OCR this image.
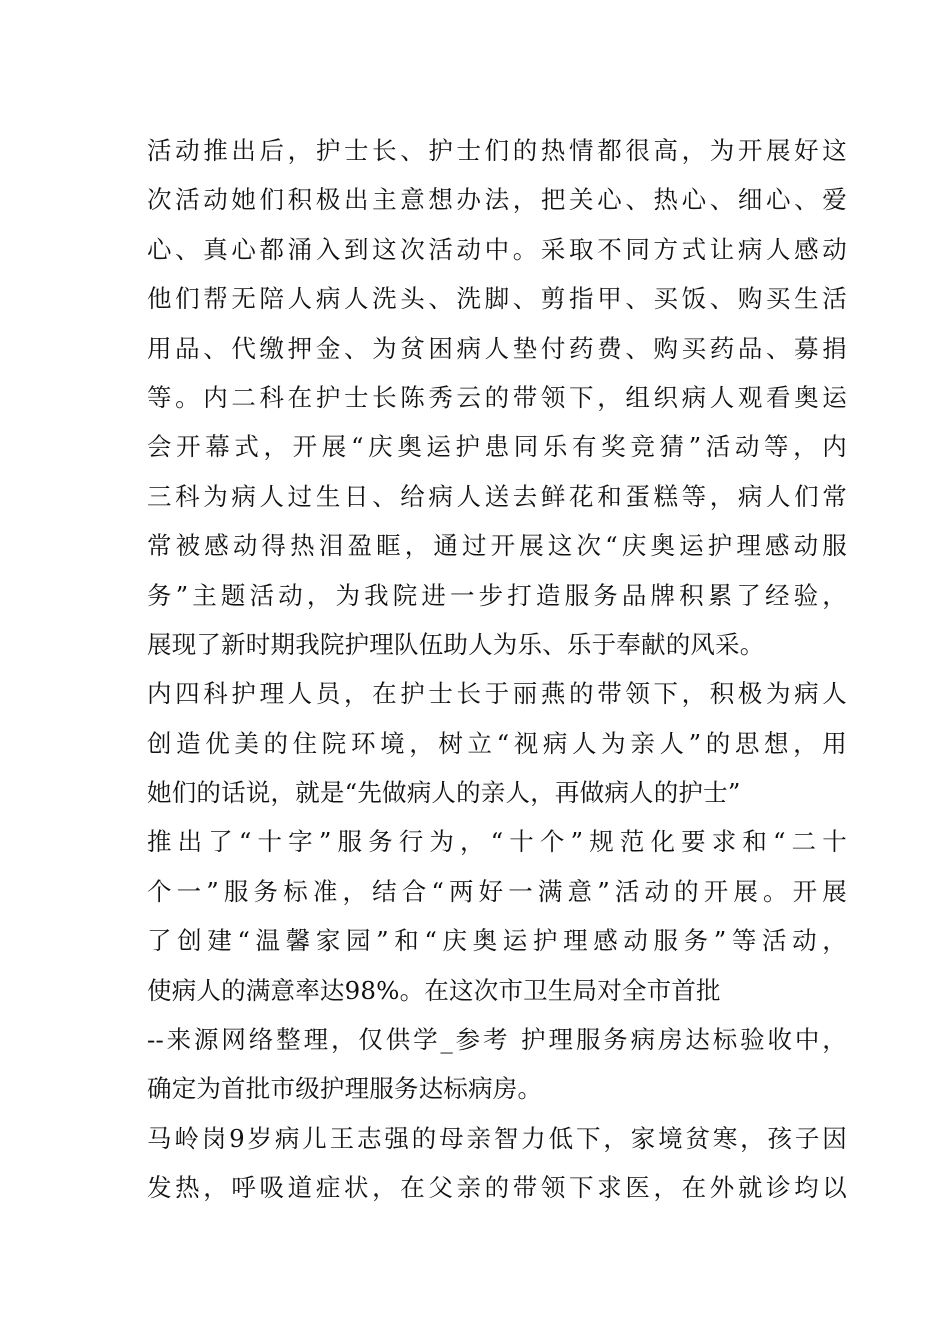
活动推出后，护士长、护士们的热情都很高，为开展好这
次活动她们积极出主意想办法，把关心、热心、细心、爱
心、真心都涌入到这次活动中。采取不同方式让病人感动
他们帮无陪人病人洗头、洗脚、剪指甲、买饭、购买生活
用品、代缴押金、为贫困病人垫付药费、购买药品、募捐
等。内二科在护士长陈秀云的带领下，组织病人观看奥运
会开幕式，开展“庆奥运护患同乐有奖竞猜”活动等，内
三科为病人过生日、给病人送去鲜花和蛋糕等，病人们常
常被感动得热泪盈眶，通过开展这次“庆奥运护理感动服
务”主题活动，为我院进一步打造服务品牌积累了经验，
展现了新时期我院护理队伍助人为乐、乐于奉献的风采。
内四科护理人员，在护士长于丽燕的带领下，积极为病人
创造优美的住院环境，树立“视病人为亲人”的思想，用
她们的话说，就是“先做病人的亲人，再做病人的护士”
推出了“十字”服务行为，“十个”规范化要求和“二十
个一”服务标准，结合“两好一满意”活动的开展。开展
了创建“温馨家园”和“庆奥运护理感动服务”等活动，
使病人的满意率达98%。在这次市卫生局对全市首批
--来源网络整理，仅供学_参考 护理服务病房达标验收中，
确定为首批市级护理服务达标病房。
马岭岗9岁病儿王志强的母亲智力低下，家境贫寒，孩子因
发热，呼吸道症状，在父亲的带领下求医，在外就诊均以
